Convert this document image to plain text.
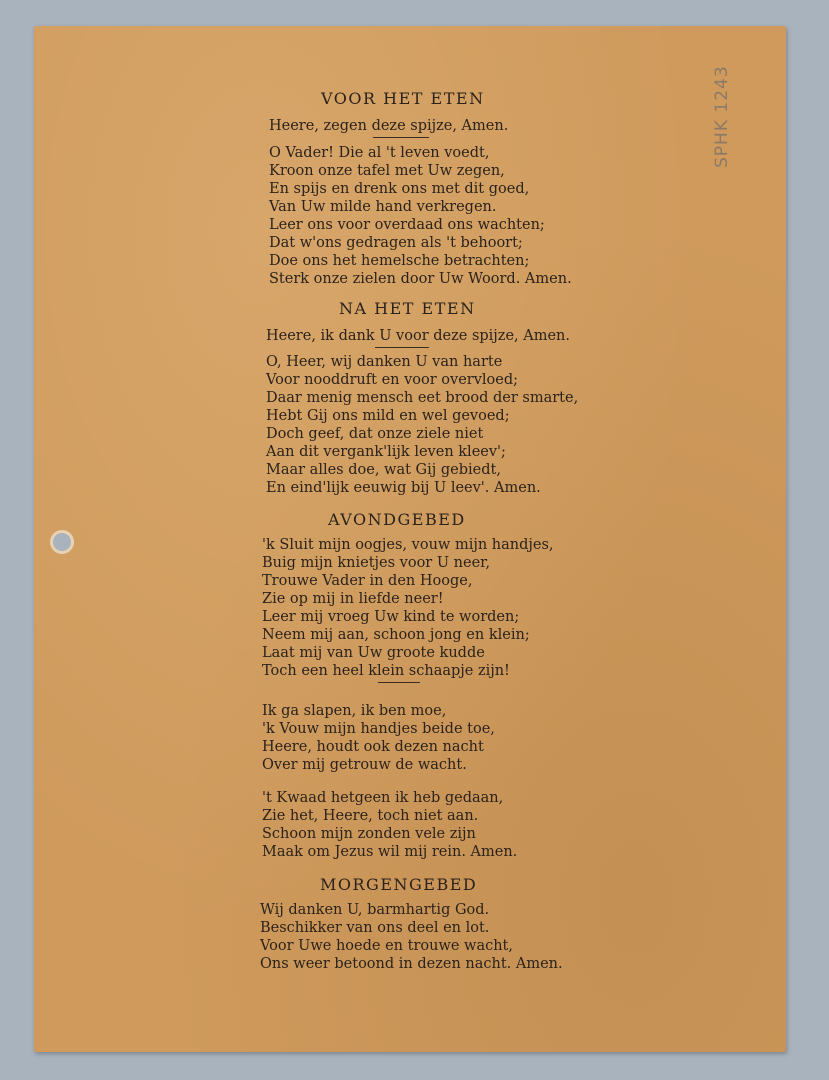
VOOR HET ETEN
Heere, zegen deze spijze, Amen.
O Vader! Die al 't leven voedt,
Kroon onze tafel met Uw zegen,
En spijs en drenk ons met dit goed,
Van Uw milde hand verkregen.
Leer ons voor overdaad ons wachten;
Dat w'ons gedragen als 't behoort;
Doe ons het hemelsche betrachten;
Sterk onze zielen door Uw Woord. Amen.
NA HET ETEN
Heere, ik dank U voor deze spijze, Amen.
O, Heer, wij danken U van harte
Voor nooddruft en voor overvloed;
Daar menig mensch eet brood der smarte,
Hebt Gij ons mild en wel gevoed;
Doch geef, dat onze ziele niet
Aan dit vergank'lijk leven kleev';
Maar alles doe, wat Gij gebiedt,
En eind'lijk eeuwig bij U leev'. Amen.
AVONDGEBED
'k Sluit mijn oogjes, vouw mijn handjes,
Buig mijn knietjes voor U neer,
Trouwe Vader in den Hooge,
Zie op mij in liefde neer!
Leer mij vroeg Uw kind te worden;
Neem mij aan, schoon jong en klein;
Laat mij van Uw groote kudde
Toch een heel klein schaapje zijn!
Ik ga slapen, ik ben moe,
'k Vouw mijn handjes beide toe,
Heere, houdt ook dezen nacht
Over mij getrouw de wacht.
't Kwaad hetgeen ik heb gedaan,
Zie het, Heere, toch niet aan.
Schoon mijn zonden vele zijn
Maak om Jezus wil mij rein. Amen.
MORGENGEBED
Wij danken U, barmhartig God.
Beschikker van ons deel en lot.
Voor Uwe hoede en trouwe wacht,
Ons weer betoond in dezen nacht. Amen.
